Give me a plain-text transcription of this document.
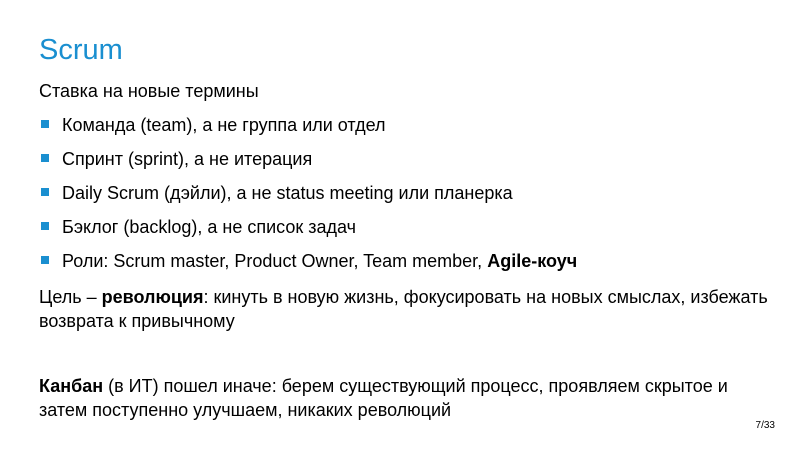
Scrum

Ставка на новые термины

Команда (team), а не группа или отдел
Спринт (sprint), а не итерация
Daily Scrum (дэйли), а не status meeting или планерка
Бэклог (backlog), а не список задач
Роли: Scrum master, Product Owner, Team member, Agile-коуч

Цель – революция: кинуть в новую жизнь, фокусировать на новых смыслах, избежать возврата к привычному

Канбан (в ИТ) пошел иначе: берем существующий процесс, проявляем скрытое и затем поступенно улучшаем, никаких революций

7/33
